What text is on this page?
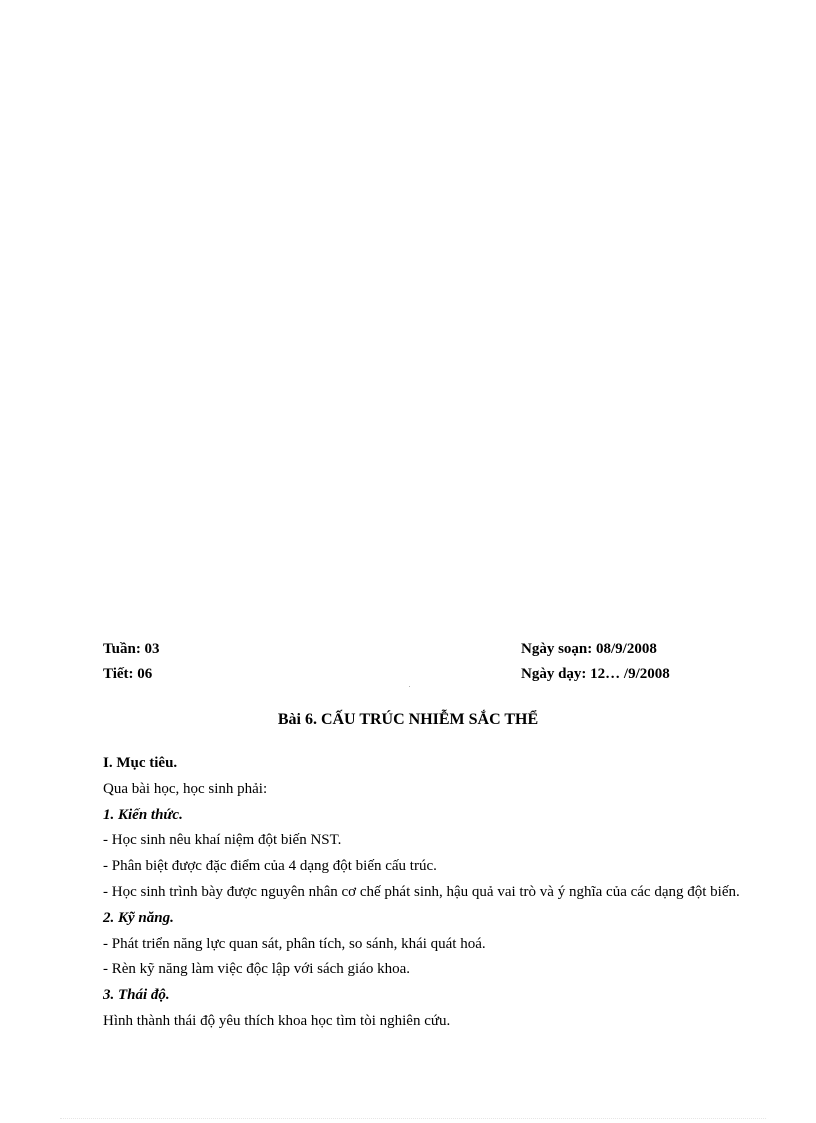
Tuần: 03
Tiết: 06
Ngày soạn: 08/9/2008
Ngày dạy: 12… /9/2008
Bài 6. CẤU TRÚC NHIỄM SẮC THỂ
I. Mục tiêu.
Qua bài học, học sinh phải:
1. Kiến thức.
- Học sinh nêu khaí niệm đột biến NST.
- Phân biệt được đặc điểm của 4 dạng đột biến cấu trúc.
- Học sinh trình bày được nguyên nhân cơ chế phát sinh, hậu quả vai trò và ý nghĩa của các dạng đột biến.
2. Kỹ năng.
- Phát triển năng lực quan sát, phân tích, so sánh, khái quát hoá.
- Rèn kỹ năng làm việc độc lập với sách giáo khoa.
3. Thái độ.
Hình thành thái độ yêu thích khoa học tìm tòi nghiên cứu.
